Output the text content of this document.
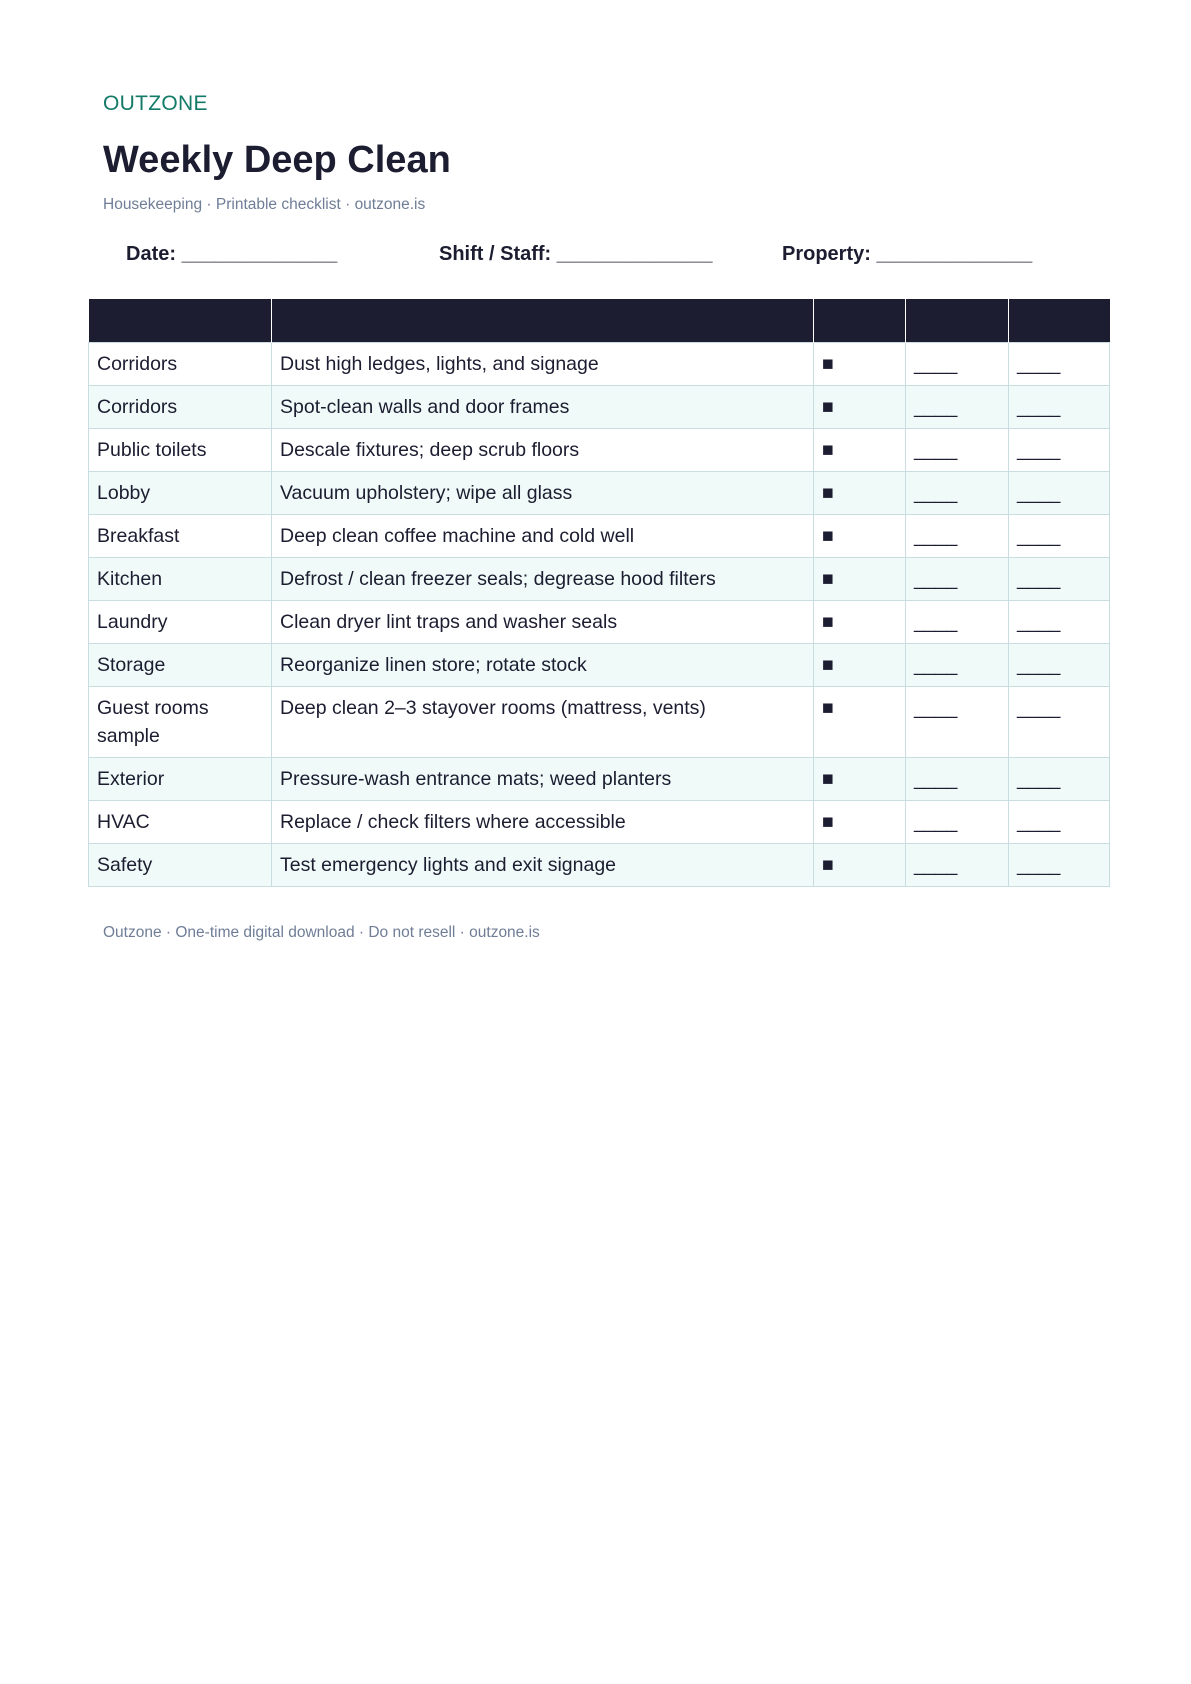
OUTZONE
Weekly Deep Clean
Housekeeping · Printable checklist · outzone.is
Date: ______________	Shift / Staff: ______________	Property: ______________

Corridors	Dust high ledges, lights, and signage	■	____	____
Corridors	Spot-clean walls and door frames	■	____	____
Public toilets	Descale fixtures; deep scrub floors	■	____	____
Lobby	Vacuum upholstery; wipe all glass	■	____	____
Breakfast	Deep clean coffee machine and cold well	■	____	____
Kitchen	Defrost / clean freezer seals; degrease hood filters	■	____	____
Laundry	Clean dryer lint traps and washer seals	■	____	____
Storage	Reorganize linen store; rotate stock	■	____	____
Guest rooms sample	Deep clean 2–3 stayover rooms (mattress, vents)	■	____	____
Exterior	Pressure-wash entrance mats; weed planters	■	____	____
HVAC	Replace / check filters where accessible	■	____	____
Safety	Test emergency lights and exit signage	■	____	____
Outzone · One-time digital download · Do not resell · outzone.is
